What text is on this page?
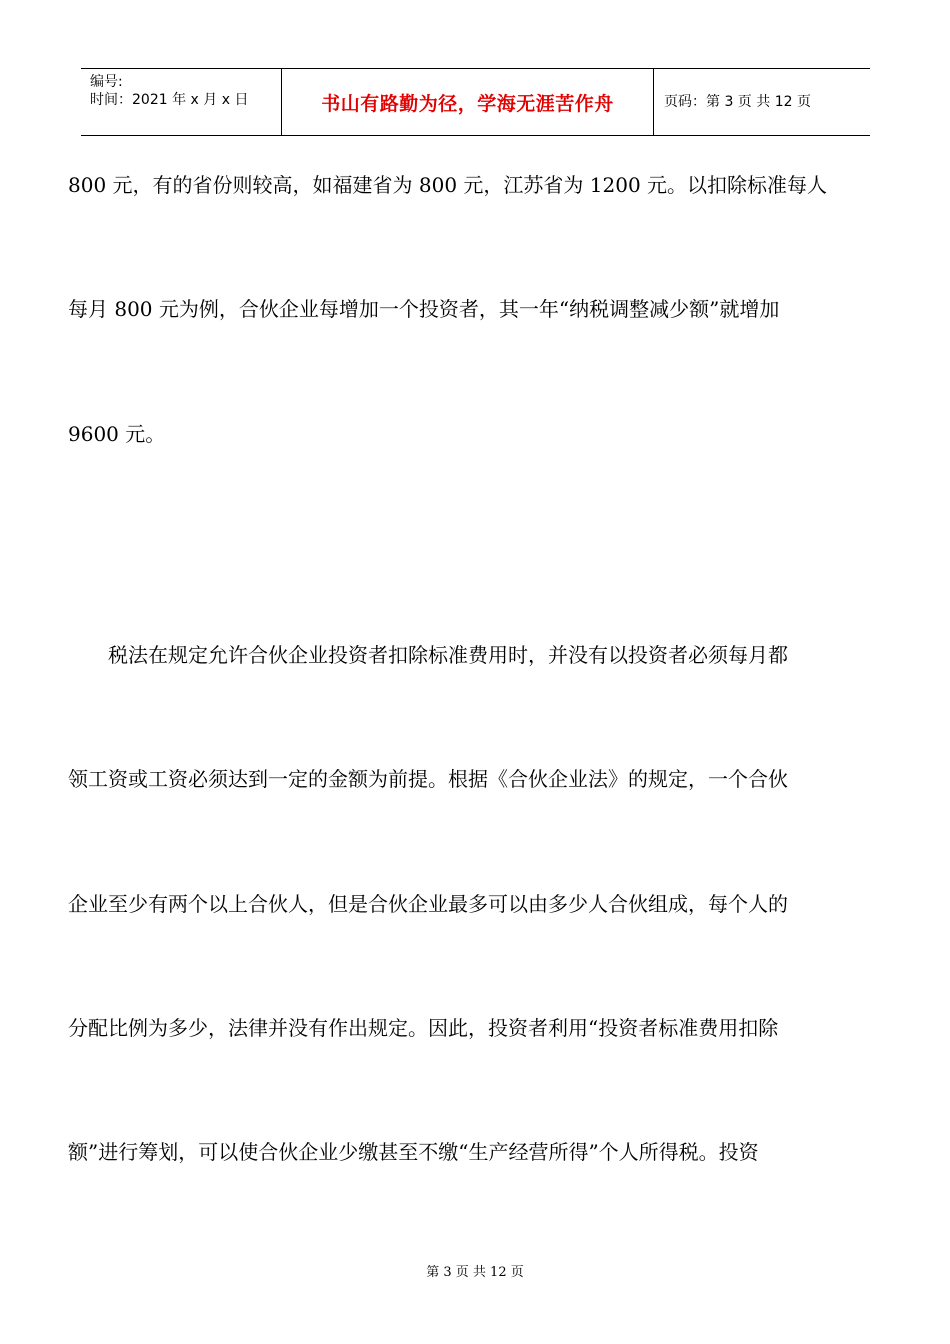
编号:
时间：2021 年 x 月 x 日	书山有路勤为径，学海无涯苦作舟	页码：第 3 页 共 12 页
800 元，有的省份则较高，如福建省为 800 元，江苏省为 1200 元。以扣除标准每人
每月 800 元为例，合伙企业每增加一个投资者，其一年“纳税调整减少额”就增加
9600 元。
　　税法在规定允许合伙企业投资者扣除标准费用时，并没有以投资者必须每月都
领工资或工资必须达到一定的金额为前提。根据《合伙企业法》的规定，一个合伙
企业至少有两个以上合伙人，但是合伙企业最多可以由多少人合伙组成，每个人的
分配比例为多少，法律并没有作出规定。因此，投资者利用“投资者标准费用扣除
额”进行筹划，可以使合伙企业少缴甚至不缴“生产经营所得”个人所得税。投资
第 3 页 共 12 页
